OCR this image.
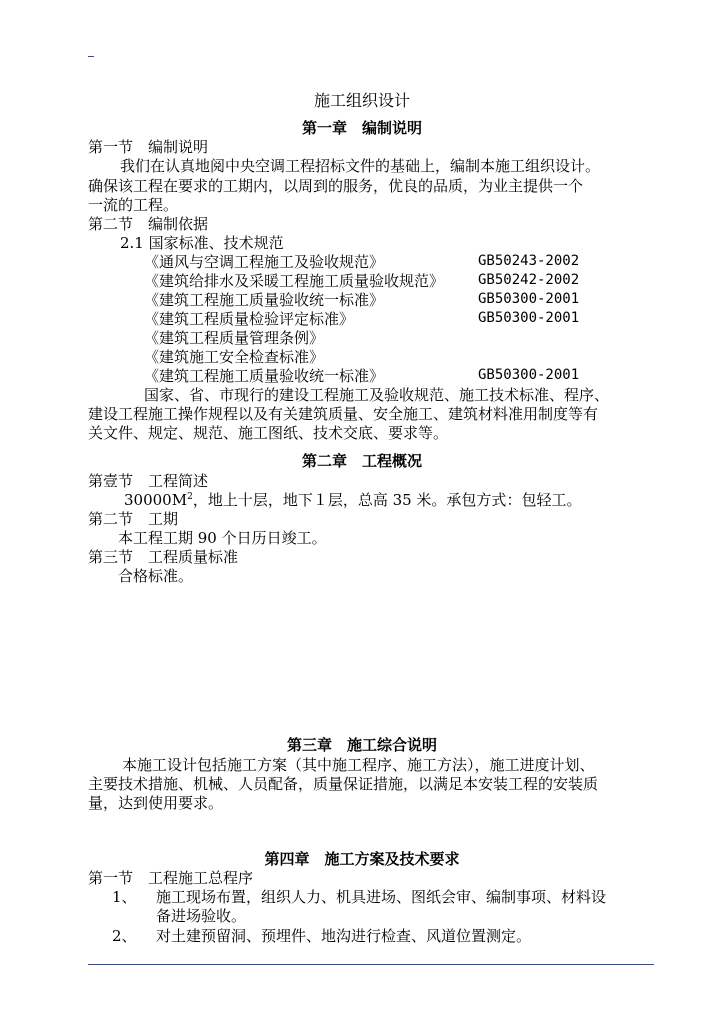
施工组织设计
第一章　编制说明
第一节　编制说明
我们在认真地阅中央空调工程招标文件的基础上，编制本施工组织设计。
确保该工程在要求的工期内，以周到的服务，优良的品质，为业主提供一个
一流的工程。
第二节　编制依据
2.1 国家标准、技术规范
《通风与空调工程施工及验收规范》	GB50243-2002
《建筑给排水及采暖工程施工质量验收规范》 GB50242-2002
《建筑工程施工质量验收统一标准》	GB50300-2001
《建筑工程质量检验评定标准》	GB50300-2001
《建筑工程质量管理条例》
《建筑施工安全检查标准》
《建筑工程施工质量验收统一标准》	GB50300-2001
国家、省、市现行的建设工程施工及验收规范、施工技术标准、程序、
建设工程施工操作规程以及有关建筑质量、安全施工、建筑材料准用制度等有
关文件、规定、规范、施工图纸、技术交底、要求等。
第二章　工程概况
第壹节　工程简述
$30000M^2$，地上十层，地下１层，总高 35 米。承包方式：包轻工。
第二节　工期
本工程工期 90 个日历日竣工。
第三节　工程质量标准
合格标准。
第三章　施工综合说明
本施工设计包括施工方案（其中施工程序、施工方法），施工进度计划、
主要技术措施、机械、人员配备，质量保证措施，以满足本安装工程的安装质
量，达到使用要求。
第四章　施工方案及技术要求
第一节　工程施工总程序
1、 施工现场布置，组织人力、机具进场、图纸会审、编制事项、材料设
备进场验收。
2、 对土建预留洞、预埋件、地沟进行检查、风道位置测定。
